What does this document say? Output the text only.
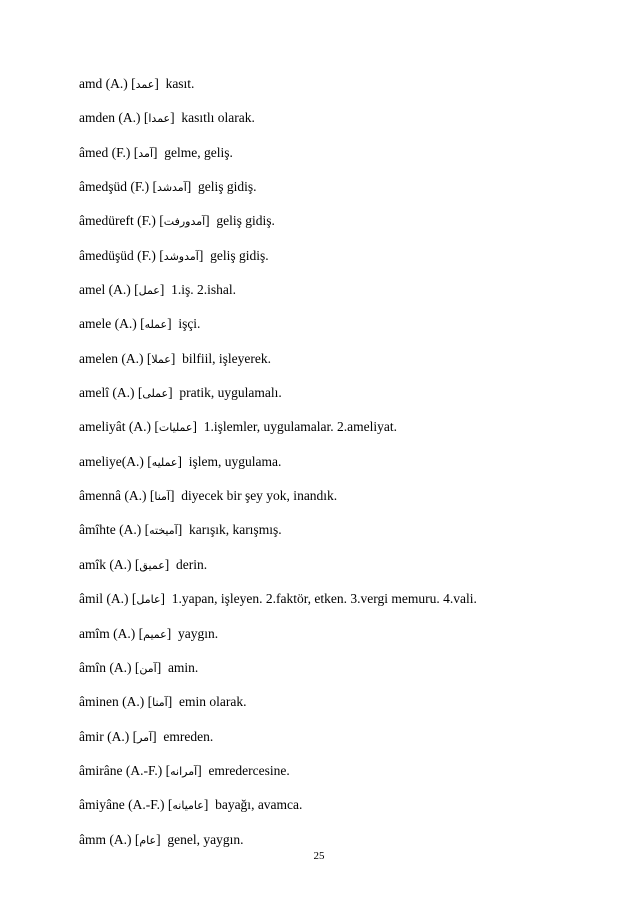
amd (A.) [عمد]  kasıt.
amden (A.) [عمدا]  kasıtlı olarak.
âmed (F.) [آمد]  gelme, geliş.
âmedşüd (F.) [آمدشد]  geliş gidiş.
âmedüreft (F.) [آمدورفت]  geliş gidiş.
âmedüşüd (F.) [آمدوشد]  geliş gidiş.
amel (A.) [عمل]  1.iş. 2.ishal.
amele (A.) [عمله]  işçi.
amelen (A.) [عملا]  bilfiil, işleyerek.
amelî (A.) [عملى]  pratik, uygulamalı.
ameliyât (A.) [عمليات]  1.işlemler, uygulamalar. 2.ameliyat.
ameliye(A.) [عمليه]  işlem, uygulama.
âmennâ (A.) [آمنا]  diyecek bir şey yok, inandık.
âmîhte (A.) [آميخته]  karışık, karışmış.
amîk (A.) [عميق]  derin.
âmil (A.) [عامل]  1.yapan, işleyen. 2.faktör, etken. 3.vergi memuru. 4.vali.
amîm (A.) [عميم]  yaygın.
âmîn (A.) [آمن]  amin.
âminen (A.) [آمنا]  emin olarak.
âmir (A.) [آمر]  emreden.
âmirâne (A.-F.) [آمرانه]  emredercesine.
âmiyâne (A.-F.) [عاميانه]  bayağı, avamca.
âmm (A.) [عام]  genel, yaygın.
25
